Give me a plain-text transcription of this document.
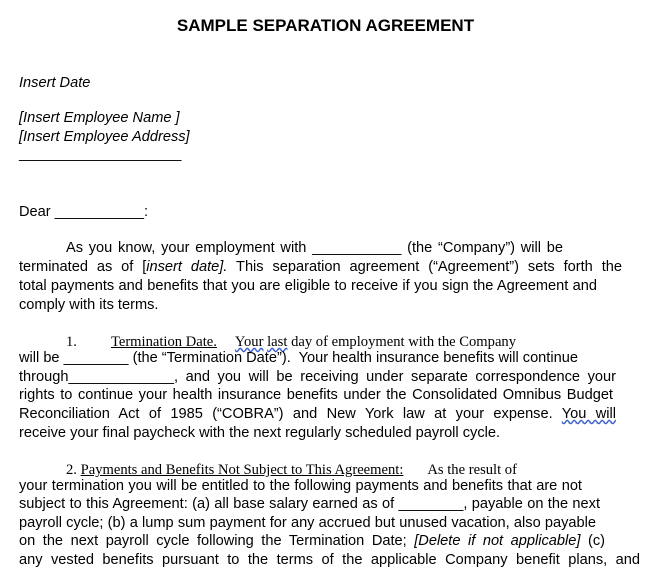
SAMPLE SEPARATION AGREEMENT
Insert Date
[Insert Employee Name ]
[Insert Employee Address]
____________________
Dear ___________:
As you know, your employment with ___________ (the “Company”) will be
terminated as of [insert date]. This separation agreement (“Agreement”) sets forth the
total payments and benefits that you are eligible to receive if you sign the Agreement and
comply with its terms.
1. Termination Date. Your last day of employment with the Company
will be ________ (the “Termination Date”).  Your health insurance benefits will continue
through_____________, and you will be receiving under separate correspondence your
rights to continue your health insurance benefits under the Consolidated Omnibus Budget
Reconciliation Act of 1985 (“COBRA”) and New York law at your expense. You will
receive your final paycheck with the next regularly scheduled payroll cycle.
2. Payments and Benefits Not Subject to This Agreement: As the result of
your termination you will be entitled to the following payments and benefits that are not
subject to this Agreement: (a) all base salary earned as of ________, payable on the next
payroll cycle; (b) a lump sum payment for any accrued but unused vacation, also payable
on the next payroll cycle following the Termination Date; [Delete if not applicable] (c)
any vested benefits pursuant to the terms of the applicable Company benefit plans, and
